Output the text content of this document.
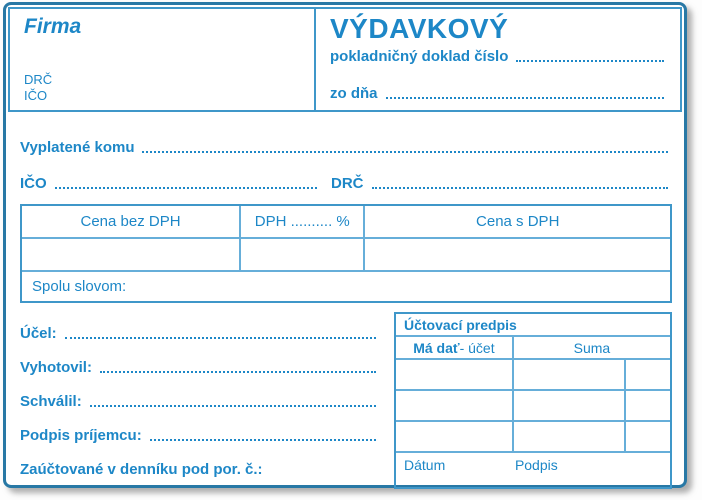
Firma
DRČ
IČO
VÝDAVKOVÝ
pokladničný doklad číslo
zo dňa
Vyplatené komu
IČO	DRČ
Cena bez DPH	DPH .......... %	Cena s DPH
Spolu slovom:
Účel:
Vyhotovil:
Schválil:
Podpis príjemcu:
Zaúčtované v denníku pod por. č.:
Účtovací predpis
Má dať - účet	Suma
Dátum	Podpis
